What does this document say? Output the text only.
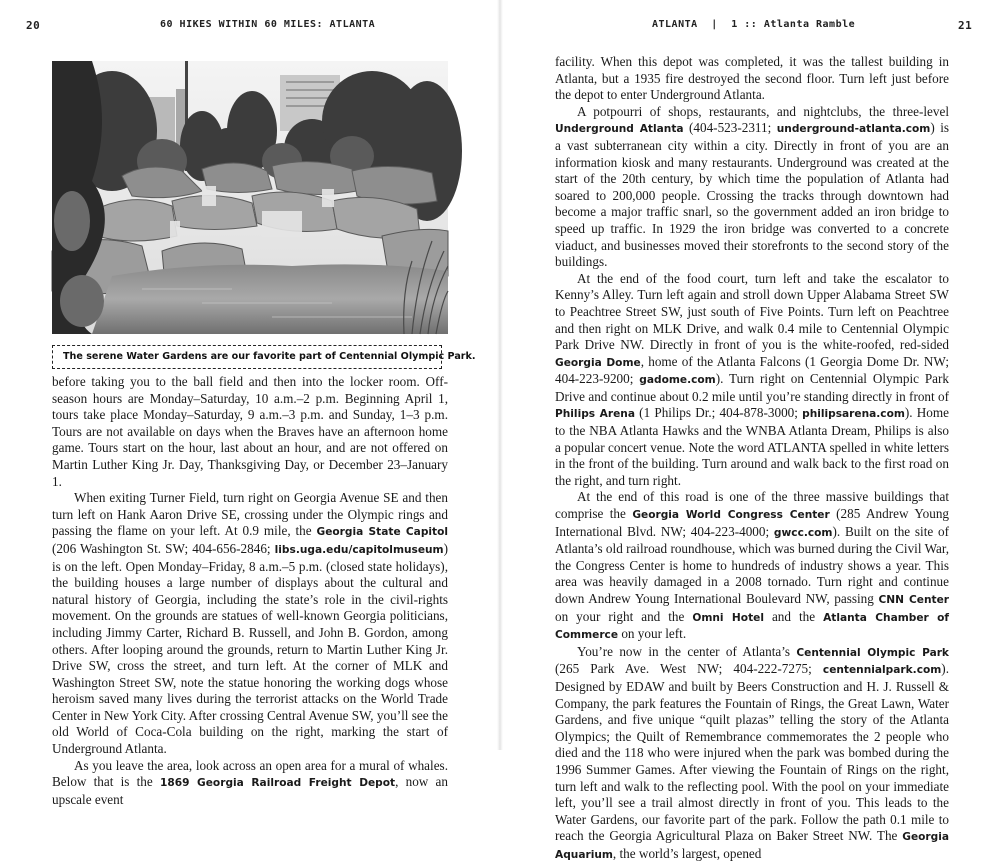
20	60 HIKES WITHIN 60 MILES: ATLANTA
The serene Water Gardens are our favorite part of Centennial Olympic Park.

before taking you to the ball field and then into the locker room. Off-season hours are Monday–Saturday, 10 a.m.–2 p.m. Beginning April 1, tours take place Monday–Saturday, 9 a.m.–3 p.m. and Sunday, 1–3 p.m. Tours are not available on days when the Braves have an afternoon home game. Tours start on the hour, last about an hour, and are not offered on Martin Luther King Jr. Day, Thanksgiving Day, or December 23–January 1.

When exiting Turner Field, turn right on Georgia Avenue SE and then turn left on Hank Aaron Drive SE, crossing under the Olympic rings and passing the flame on your left. At 0.9 mile, the Georgia State Capitol (206 Washington St. SW; 404-656-2846; libs.uga.edu/capitolmuseum) is on the left. Open Monday–Friday, 8 a.m.–5 p.m. (closed state holidays), the building houses a large number of displays about the cultural and natural history of Georgia, including the state’s role in the civil-rights movement. On the grounds are statues of well-known Georgia politicians, including Jimmy Carter, Richard B. Russell, and John B. Gordon, among others. After looping around the grounds, return to Martin Luther King Jr. Drive SW, cross the street, and turn left. At the corner of MLK and Washington Street SW, note the statue honoring the working dogs whose heroism saved many lives during the terrorist attacks on the World Trade Center in New York City. After crossing Central Avenue SW, you’ll see the old World of Coca-Cola building on the right, marking the start of Underground Atlanta.

As you leave the area, look across an open area for a mural of whales. Below that is the 1869 Georgia Railroad Freight Depot, now an upscale event

ATLANTA | 1 :: Atlanta Ramble	21

facility. When this depot was completed, it was the tallest building in Atlanta, but a 1935 fire destroyed the second floor. Turn left just before the depot to enter Underground Atlanta.

A potpourri of shops, restaurants, and nightclubs, the three-level Underground Atlanta (404-523-2311; underground-atlanta.com) is a vast subterranean city within a city. Directly in front of you are an information kiosk and many restaurants. Underground was created at the start of the 20th century, by which time the population of Atlanta had soared to 200,000 people. Crossing the tracks through downtown had become a major traffic snarl, so the government added an iron bridge to speed up traffic. In 1929 the iron bridge was converted to a concrete viaduct, and businesses moved their storefronts to the second story of the buildings.

At the end of the food court, turn left and take the escalator to Kenny’s Alley. Turn left again and stroll down Upper Alabama Street SW to Peachtree Street SW, just south of Five Points. Turn left on Peachtree and then right on MLK Drive, and walk 0.4 mile to Centennial Olympic Park Drive NW. Directly in front of you is the white-roofed, red-sided Georgia Dome, home of the Atlanta Falcons (1 Georgia Dome Dr. NW; 404-223-9200; gadome.com). Turn right on Centennial Olympic Park Drive and continue about 0.2 mile until you’re standing directly in front of Philips Arena (1 Philips Dr.; 404-878-3000; philipsarena.com). Home to the NBA Atlanta Hawks and the WNBA Atlanta Dream, Philips is also a popular concert venue. Note the word ATLANTA spelled in white letters in the front of the building. Turn around and walk back to the first road on the right, and turn right.

At the end of this road is one of the three massive buildings that comprise the Georgia World Congress Center (285 Andrew Young International Blvd. NW; 404-223-4000; gwcc.com). Built on the site of Atlanta’s old railroad roundhouse, which was burned during the Civil War, the Congress Center is home to hundreds of industry shows a year. This area was heavily damaged in a 2008 tornado. Turn right and continue down Andrew Young International Boulevard NW, passing CNN Center on your right and the Omni Hotel and the Atlanta Chamber of Commerce on your left.

You’re now in the center of Atlanta’s Centennial Olympic Park (265 Park Ave. West NW; 404-222-7275; centennialpark.com). Designed by EDAW and built by Beers Construction and H. J. Russell & Company, the park features the Fountain of Rings, the Great Lawn, Water Gardens, and five unique “quilt plazas” telling the story of the Atlanta Olympics; the Quilt of Remembrance commemorates the 2 people who died and the 118 who were injured when the park was bombed during the 1996 Summer Games. After viewing the Fountain of Rings on the right, turn left and walk to the reflecting pool. With the pool on your immediate left, you’ll see a trail almost directly in front of you. This leads to the Water Gardens, our favorite part of the park. Follow the path 0.1 mile to reach the Georgia Agricultural Plaza on Baker Street NW. The Georgia Aquarium, the world’s largest, opened
